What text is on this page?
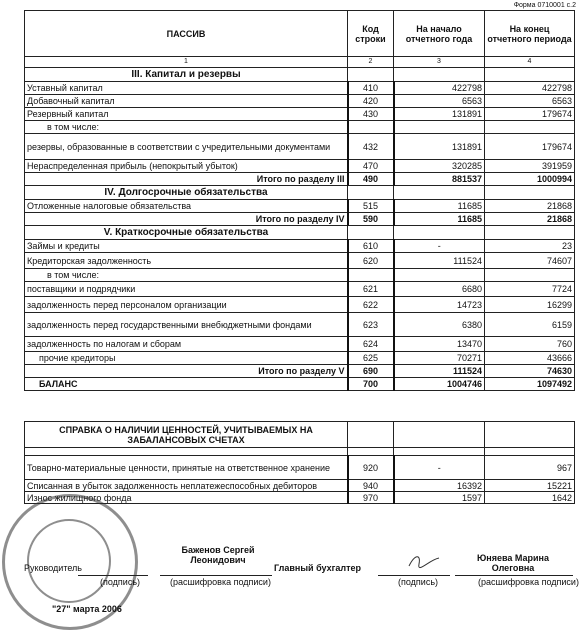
Форма 0710001 с.2
ПАССИВ	Код строки	На начало отчетного года	На конец отчетного периода
1	2	3	4
III. Капитал и резервы			
Уставный капитал	410	422798	422798
Добавочный капитал	420	6563	6563
Резервный капитал	430	131891	179674
в том числе:			
резервы, образованные в соответствии с учредительными документами	432	131891	179674
Нераспределенная прибыль (непокрытый убыток)	470	320285	391959
Итого по разделу III	490	881537	1000994
IV. Долгосрочные обязательства			
Отложенные налоговые обязательства	515	11685	21868
Итого по разделу IV	590	11685	21868
V. Краткосрочные обязательства			
Займы и кредиты	610	-	23
Кредиторская задолженность	620	111524	74607
в том числе:			
поставщики и подрядчики	621	6680	7724
задолженность перед персоналом организации	622	14723	16299
задолженность перед государственными внебюджетными фондами	623	6380	6159
задолженность по налогам и сборам	624	13470	760
прочие кредиторы	625	70271	43666
Итого по разделу V	690	111524	74630
БАЛАНС	700	1004746	1097492
СПРАВКА О НАЛИЧИИ ЦЕННОСТЕЙ, УЧИТЫВАЕМЫХ НА ЗАБАЛАНСОВЫХ СЧЕТАХ			

Товарно-материальные ценности, принятые на ответственное хранение	920	-	967
Списанная в убыток задолженность неплатежеспособных дебиторов	940	16392	15221
Износ жилищного фонда	970	1597	1642
Руководитель
(подпись)
Баженов Сергей Леонидович
(расшифровка подписи)
Главный бухгалтер
(подпись)
Юняева Марина Олеговна
(расшифровка подписи)
"27" марта 2006
